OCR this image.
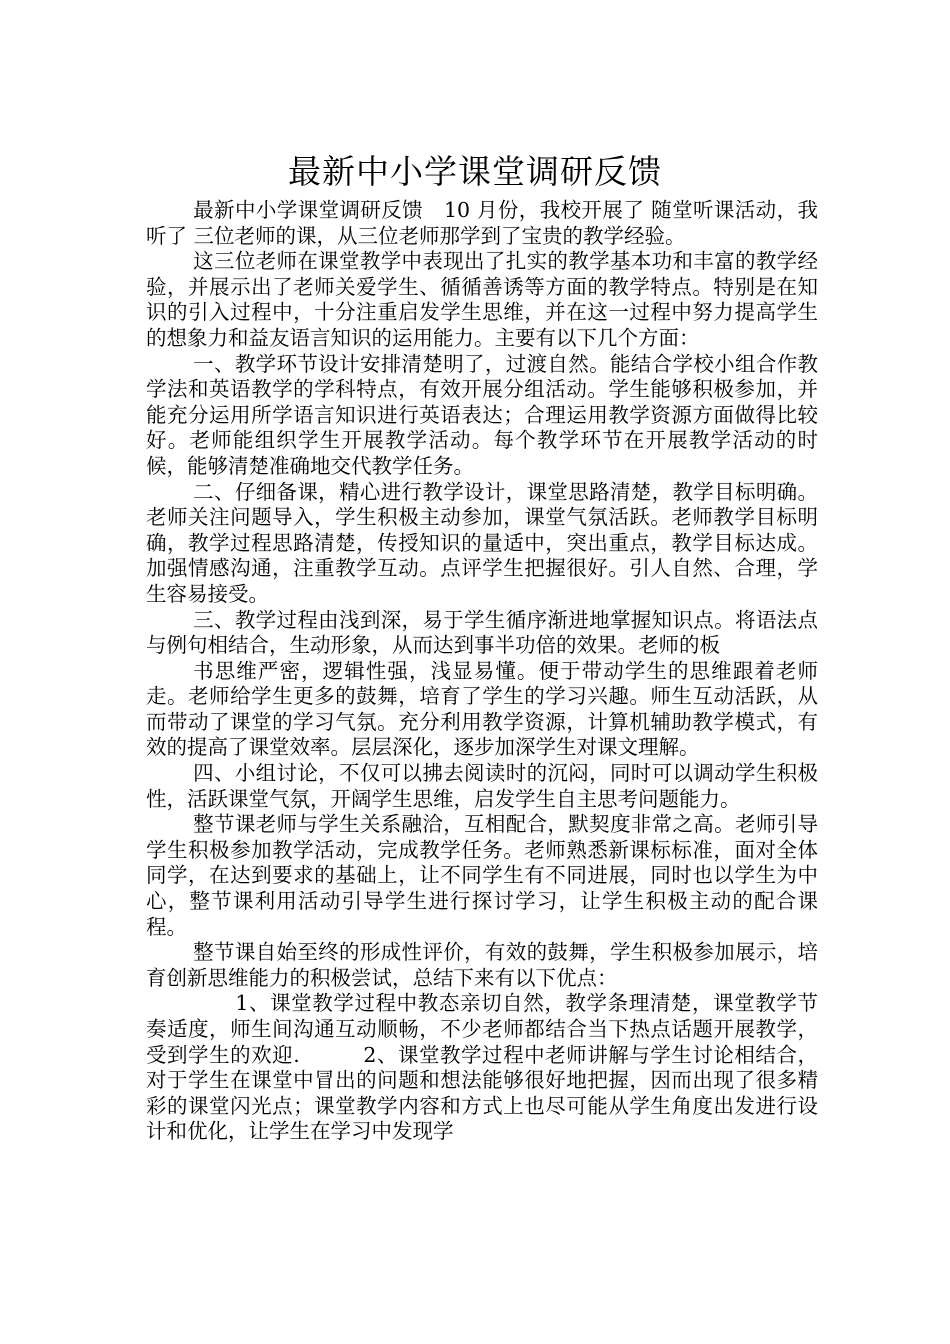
最新中小学课堂调研反馈

最新中小学课堂调研反馈　10 月份，我校开展了 随堂听课活动，我听了 三位老师的课，从三位老师那学到了宝贵的教学经验。

这三位老师在课堂教学中表现出了扎实的教学基本功和丰富的教学经验，并展示出了老师关爱学生、循循善诱等方面的教学特点。特别是在知识的引入过程中，十分注重启发学生思维，并在这一过程中努力提高学生的想象力和益友语言知识的运用能力。主要有以下几个方面：

一、教学环节设计安排清楚明了，过渡自然。能结合学校小组合作教学法和英语教学的学科特点，有效开展分组活动。学生能够积极参加，并能充分运用所学语言知识进行英语表达；合理运用教学资源方面做得比较好。老师能组织学生开展教学活动。每个教学环节在开展教学活动的时候，能够清楚准确地交代教学任务。

二、仔细备课，精心进行教学设计，课堂思路清楚，教学目标明确。老师关注问题导入，学生积极主动参加，课堂气氛活跃。老师教学目标明确，教学过程思路清楚，传授知识的量适中，突出重点，教学目标达成。加强情感沟通，注重教学互动。点评学生把握很好。引人自然、合理，学生容易接受。

三、教学过程由浅到深，易于学生循序渐进地掌握知识点。将语法点与例句相结合，生动形象，从而达到事半功倍的效果。老师的板

书思维严密，逻辑性强，浅显易懂。便于带动学生的思维跟着老师走。老师给学生更多的鼓舞，培育了学生的学习兴趣。师生互动活跃，从而带动了课堂的学习气氛。充分利用教学资源，计算机辅助教学模式，有效的提高了课堂效率。层层深化，逐步加深学生对课文理解。

四、小组讨论，不仅可以拂去阅读时的沉闷，同时可以调动学生积极性，活跃课堂气氛，开阔学生思维，启发学生自主思考问题能力。

整节课老师与学生关系融洽，互相配合，默契度非常之高。老师引导学生积极参加教学活动，完成教学任务。老师熟悉新课标标准，面对全体同学，在达到要求的基础上，让不同学生有不同进展，同时也以学生为中心，整节课利用活动引导学生进行探讨学习，让学生积极主动的配合课程。

整节课自始至终的形成性评价，有效的鼓舞，学生积极参加展示，培育创新思维能力的积极尝试，总结下来有以下优点：

　　1、课堂教学过程中教态亲切自然，教学条理清楚，课堂教学节奏适度，师生间沟通互动顺畅，不少老师都结合当下热点话题开展教学，受到学生的欢迎.　　　2、课堂教学过程中老师讲解与学生讨论相结合，对于学生在课堂中冒出的问题和想法能够很好地把握，因而出现了很多精彩的课堂闪光点；课堂教学内容和方式上也尽可能从学生角度出发进行设计和优化，让学生在学习中发现学
